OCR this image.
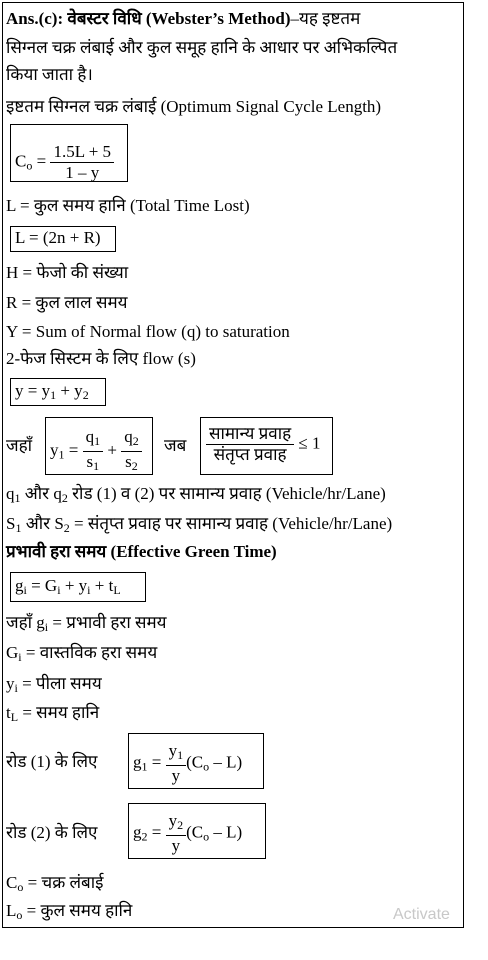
Ans.(c): वेबस्टर विधि (Webster’s Method)–यह इष्टतम
सिग्नल चक्र लंबाई और कुल समूह हानि के आधार पर अभिकल्पित
किया जाता है।
इष्टतम सिग्नल चक्र लंबाई (Optimum Signal Cycle Length)
$C_o = \frac{1.5L + 5}{1 - y}$
L = कुल समय हानि (Total Time Lost)
L = (2n + R)
H = फेजो की संख्या
R = कुल लाल समय
Y = Sum of Normal flow (q) to saturation
2-फेज सिस्टम के लिए flow (s)
$y = y_1 + y_2$
जहाँ $y_1 = \frac{q_1}{s_1} + \frac{q_2}{s_2}$ जब $\frac{\text{सामान्य प्रवाह}}{\text{संतृप्त प्रवाह}} \le 1$
$q_1$ और $q_2$ रोड (1) व (2) पर सामान्य प्रवाह (Vehicle/hr/Lane)
$S_1$ और $S_2$ = संतृप्त प्रवाह पर सामान्य प्रवाह (Vehicle/hr/Lane)
प्रभावी हरा समय (Effective Green Time)
$g_i = G_i + y_i + t_L$
जहाँ $g_i$ = प्रभावी हरा समय
$G_i$ = वास्तविक हरा समय
$y_i$ = पीला समय
$t_L$ = समय हानि
रोड (1) के लिए $g_1 = \frac{y_1}{y} (C_o - L)$
रोड (2) के लिए $g_2 = \frac{y_2}{y} (C_o - L)$
$C_o$ = चक्र लंबाई
$L_o$ = कुल समय हानि	Activate
